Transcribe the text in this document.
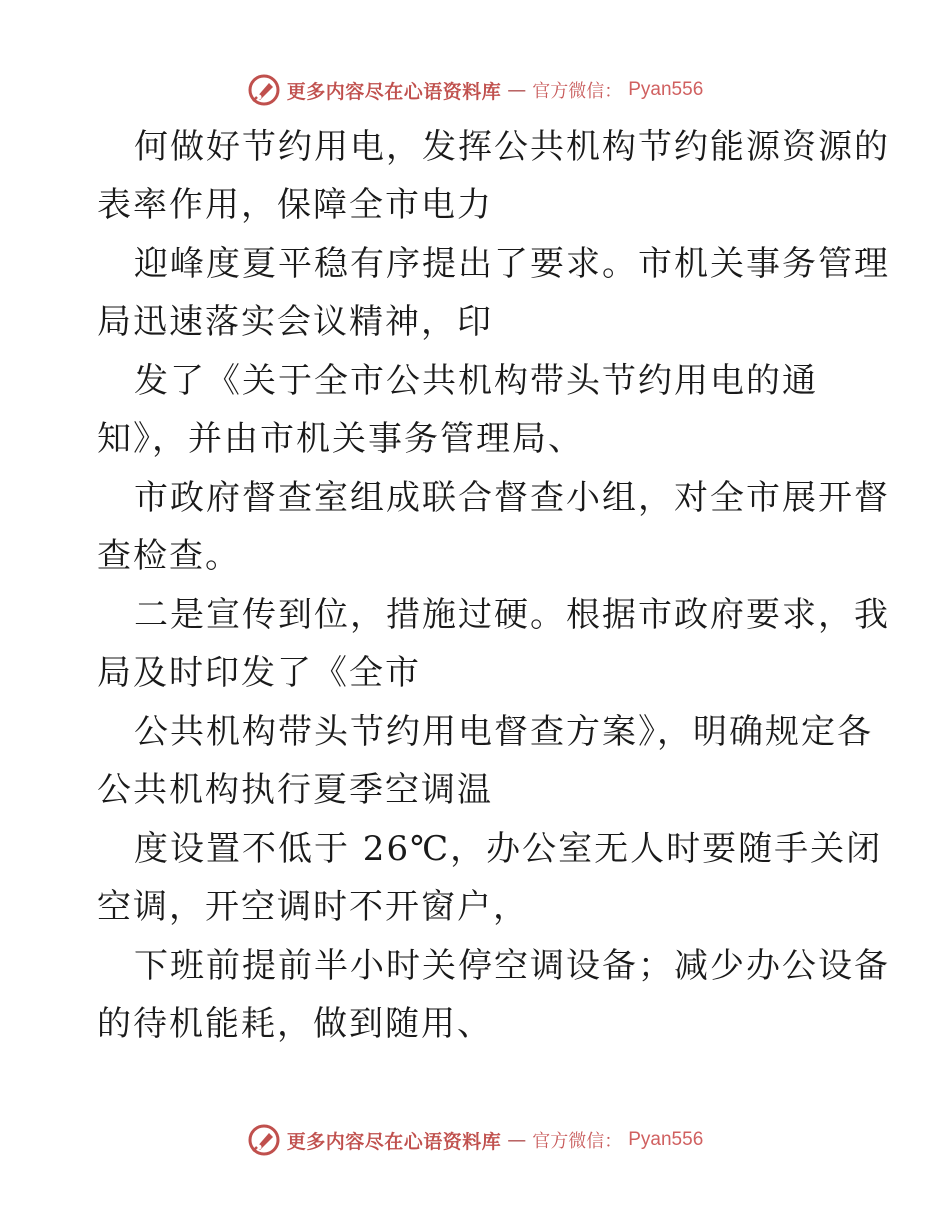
更多内容尽在心语资料库 — 官方微信： Pyan556
何做好节约用电，发挥公共机构节约能源资源的
表率作用，保障全市电力
迎峰度夏平稳有序提出了要求。市机关事务管理
局迅速落实会议精神，印
发了《关于全市公共机构带头节约用电的通
知》，并由市机关事务管理局、
市政府督查室组成联合督查小组，对全市展开督
查检查。
二是宣传到位，措施过硬。根据市政府要求，我
局及时印发了《全市
公共机构带头节约用电督查方案》，明确规定各
公共机构执行夏季空调温
度设置不低于 26℃，办公室无人时要随手关闭
空调，开空调时不开窗户，
下班前提前半小时关停空调设备；减少办公设备
的待机能耗，做到随用、
更多内容尽在心语资料库 — 官方微信： Pyan556
